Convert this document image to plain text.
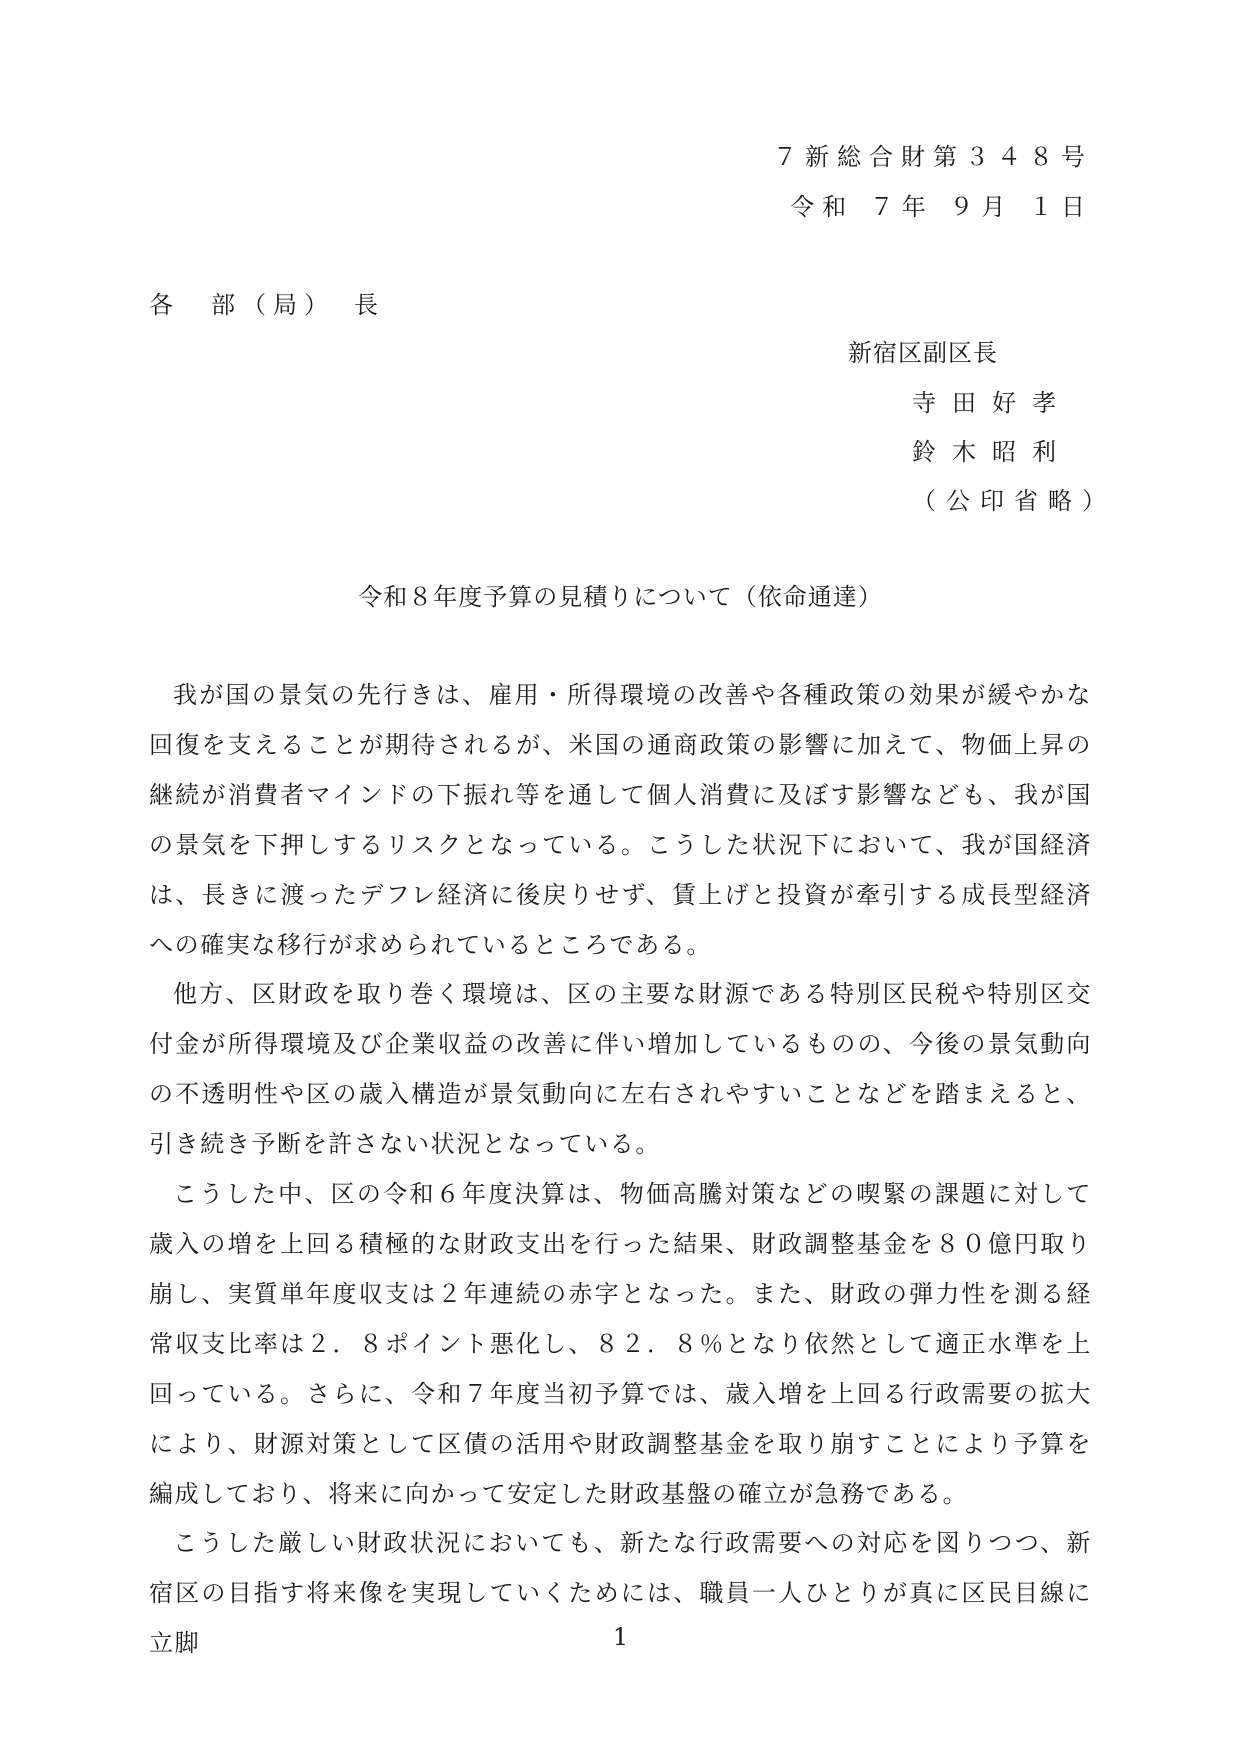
７新総合財第３４８号
令和 ７年 ９月 １日
各　部（局）　長
新宿区副区長
寺田好孝
鈴木昭利
（公印省略）
令和８年度予算の見積りについて（依命通達）

我が国の景気の先行きは、雇用・所得環境の改善や各種政策の効果が緩やかな回復を支えることが期待されるが、米国の通商政策の影響に加えて、物価上昇の継続が消費者マインドの下振れ等を通して個人消費に及ぼす影響なども、我が国の景気を下押しするリスクとなっている。こうした状況下において、我が国経済は、長きに渡ったデフレ経済に後戻りせず、賃上げと投資が牽引する成長型経済への確実な移行が求められているところである。

他方、区財政を取り巻く環境は、区の主要な財源である特別区民税や特別区交付金が所得環境及び企業収益の改善に伴い増加しているものの、今後の景気動向の不透明性や区の歳入構造が景気動向に左右されやすいことなどを踏まえると、引き続き予断を許さない状況となっている。

こうした中、区の令和６年度決算は、物価高騰対策などの喫緊の課題に対して歳入の増を上回る積極的な財政支出を行った結果、財政調整基金を８０億円取り崩し、実質単年度収支は２年連続の赤字となった。また、財政の弾力性を測る経常収支比率は２．８ポイント悪化し、８２．８％となり依然として適正水準を上回っている。さらに、令和７年度当初予算では、歳入増を上回る行政需要の拡大により、財源対策として区債の活用や財政調整基金を取り崩すことにより予算を編成しており、将来に向かって安定した財政基盤の確立が急務である。

こうした厳しい財政状況においても、新たな行政需要への対応を図りつつ、新宿区の目指す将来像を実現していくためには、職員一人ひとりが真に区民目線に立脚	1
